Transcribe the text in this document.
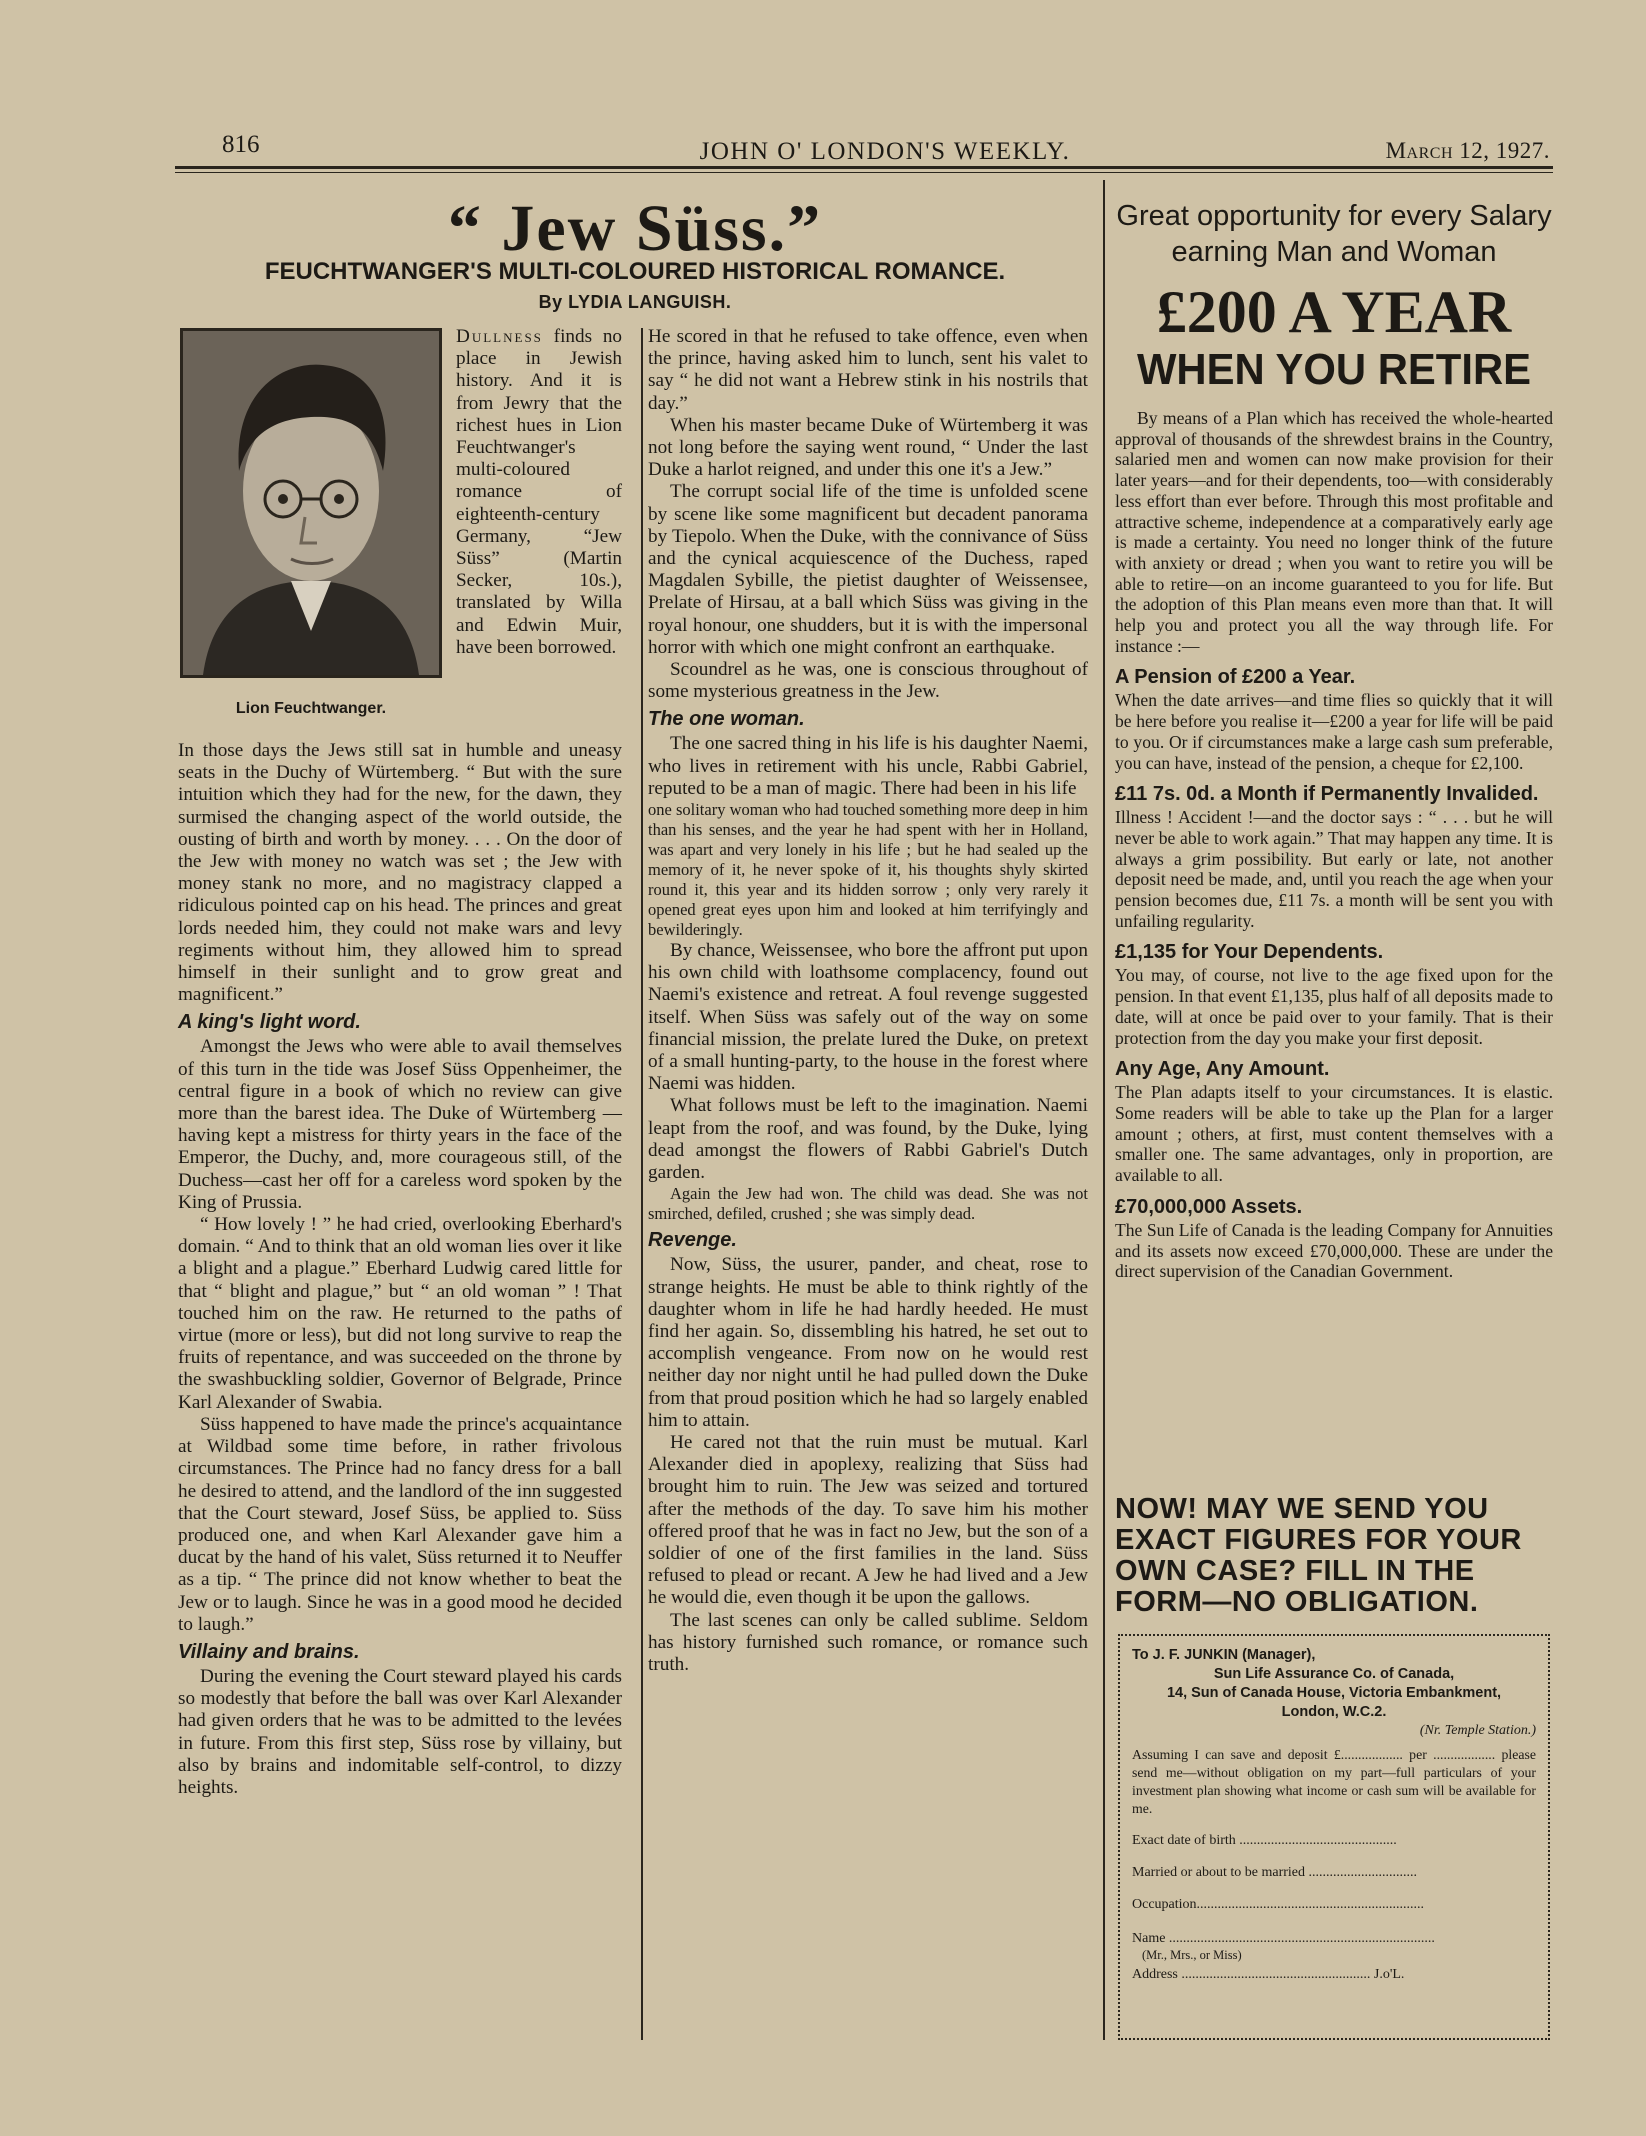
816	JOHN O' LONDON'S WEEKLY.	March 12, 1927.
“ Jew Süss.”
FEUCHTWANGER'S MULTI-COLOURED HISTORICAL ROMANCE.
By LYDIA LANGUISH.
Lion Feuchtwanger.

Dullness finds no place in Jewish history. And it is from Jewry that the richest hues in Lion Feuchtwanger's multi-coloured romance of eighteenth-century Germany, “Jew Süss” (Martin Secker, 10s.), translated by Willa and Edwin Muir, have been borrowed.

In those days the Jews still sat in humble and uneasy seats in the Duchy of Würtemberg. “ But with the sure intuition which they had for the new, for the dawn, they surmised the changing aspect of the world outside, the ousting of birth and worth by money. . . . On the door of the Jew with money no watch was set ; the Jew with money stank no more, and no magistracy clapped a ridiculous pointed cap on his head. The princes and great lords needed him, they could not make wars and levy regiments without him, they allowed him to spread himself in their sunlight and to grow great and magnificent.”

A king's light word.

Amongst the Jews who were able to avail themselves of this turn in the tide was Josef Süss Oppenheimer, the central figure in a book of which no review can give more than the barest idea. The Duke of Würtemberg —having kept a mistress for thirty years in the face of the Emperor, the Duchy, and, more courageous still, of the Duchess—cast her off for a careless word spoken by the King of Prussia.

“ How lovely ! ” he had cried, overlooking Eberhard's domain. “ And to think that an old woman lies over it like a blight and a plague.” Eberhard Ludwig cared little for that “ blight and plague,” but “ an old woman ” ! That touched him on the raw. He returned to the paths of virtue (more or less), but did not long survive to reap the fruits of repentance, and was succeeded on the throne by the swashbuckling soldier, Governor of Belgrade, Prince Karl Alexander of Swabia.

Süss happened to have made the prince's acquaintance at Wildbad some time before, in rather frivolous circumstances. The Prince had no fancy dress for a ball he desired to attend, and the landlord of the inn suggested that the Court steward, Josef Süss, be applied to. Süss produced one, and when Karl Alexander gave him a ducat by the hand of his valet, Süss returned it to Neuffer as a tip. “ The prince did not know whether to beat the Jew or to laugh. Since he was in a good mood he decided to laugh.”

Villainy and brains.

During the evening the Court steward played his cards so modestly that before the ball was over Karl Alexander had given orders that he was to be admitted to the levées in future. From this first step, Süss rose by villainy, but also by brains and indomitable self-control, to dizzy heights.

He scored in that he refused to take offence, even when the prince, having asked him to lunch, sent his valet to say “ he did not want a Hebrew stink in his nostrils that day.”

When his master became Duke of Würtemberg it was not long before the saying went round, “ Under the last Duke a harlot reigned, and under this one it's a Jew.”

The corrupt social life of the time is unfolded scene by scene like some magnificent but decadent panorama by Tiepolo. When the Duke, with the connivance of Süss and the cynical acquiescence of the Duchess, raped Magdalen Sybille, the pietist daughter of Weissensee, Prelate of Hirsau, at a ball which Süss was giving in the royal honour, one shudders, but it is with the impersonal horror with which one might confront an earthquake.

Scoundrel as he was, one is conscious throughout of some mysterious greatness in the Jew.

The one woman.

The one sacred thing in his life is his daughter Naemi, who lives in retirement with his uncle, Rabbi Gabriel, reputed to be a man of magic. There had been in his life

one solitary woman who had touched something more deep in him than his senses, and the year he had spent with her in Holland, was apart and very lonely in his life ; but he had sealed up the memory of it, he never spoke of it, his thoughts shyly skirted round it, this year and its hidden sorrow ; only very rarely it opened great eyes upon him and looked at him terrifyingly and bewilderingly.

By chance, Weissensee, who bore the affront put upon his own child with loathsome complacency, found out Naemi's existence and retreat. A foul revenge suggested itself. When Süss was safely out of the way on some financial mission, the prelate lured the Duke, on pretext of a small hunting-party, to the house in the forest where Naemi was hidden.

What follows must be left to the imagination. Naemi leapt from the roof, and was found, by the Duke, lying dead amongst the flowers of Rabbi Gabriel's Dutch garden.

Again the Jew had won. The child was dead. She was not smirched, defiled, crushed ; she was simply dead.

Revenge.

Now, Süss, the usurer, pander, and cheat, rose to strange heights. He must be able to think rightly of the daughter whom in life he had hardly heeded. He must find her again. So, dissembling his hatred, he set out to accomplish vengeance. From now on he would rest neither day nor night until he had pulled down the Duke from that proud position which he had so largely enabled him to attain.

He cared not that the ruin must be mutual. Karl Alexander died in apoplexy, realizing that Süss had brought him to ruin. The Jew was seized and tortured after the methods of the day. To save him his mother offered proof that he was in fact no Jew, but the son of a soldier of one of the first families in the land. Süss refused to plead or recant. A Jew he had lived and a Jew he would die, even though it be upon the gallows.

The last scenes can only be called sublime. Seldom has history furnished such romance, or romance such truth.

Great opportunity for every Salary earning Man and Woman
£200 A YEAR
WHEN YOU RETIRE

By means of a Plan which has received the whole-hearted approval of thousands of the shrewdest brains in the Country, salaried men and women can now make provision for their later years—and for their dependents, too—with considerably less effort than ever before. Through this most profitable and attractive scheme, independence at a comparatively early age is made a certainty. You need no longer think of the future with anxiety or dread ; when you want to retire you will be able to retire—on an income guaranteed to you for life. But the adoption of this Plan means even more than that. It will help you and protect you all the way through life. For instance :—

A Pension of £200 a Year.

When the date arrives—and time flies so quickly that it will be here before you realise it—£200 a year for life will be paid to you. Or if circumstances make a large cash sum preferable, you can have, instead of the pension, a cheque for £2,100.

£11 7s. 0d. a Month if Permanently Invalided.

Illness ! Accident !—and the doctor says : “ . . . but he will never be able to work again.” That may happen any time. It is always a grim possibility. But early or late, not another deposit need be made, and, until you reach the age when your pension becomes due, £11 7s. a month will be sent you with unfailing regularity.

£1,135 for Your Dependents.

You may, of course, not live to the age fixed upon for the pension. In that event £1,135, plus half of all deposits made to date, will at once be paid over to your family. That is their protection from the day you make your first deposit.

Any Age, Any Amount.

The Plan adapts itself to your circumstances. It is elastic. Some readers will be able to take up the Plan for a larger amount ; others, at first, must content themselves with a smaller one. The same advantages, only in proportion, are available to all.

£70,000,000 Assets.

The Sun Life of Canada is the leading Company for Annuities and its assets now exceed £70,000,000. These are under the direct supervision of the Canadian Government.

NOW! MAY WE SEND YOU EXACT FIGURES FOR YOUR OWN CASE? FILL IN THE FORM—NO OBLIGATION.
To J. F. JUNKIN (Manager),
Sun Life Assurance Co. of Canada,
14, Sun of Canada House, Victoria Embankment,
London, W.C.2.
(Nr. Temple Station.)
Assuming I can save and deposit £.................. per .................. please send me—without obligation on my part—full particulars of your investment plan showing what income or cash sum will be available for me.
Exact date of birth .............................................
Married or about to be married ...............................
Occupation.................................................................
Name ............................................................................
(Mr., Mrs., or Miss)
Address ...................................................... J.o'L.
